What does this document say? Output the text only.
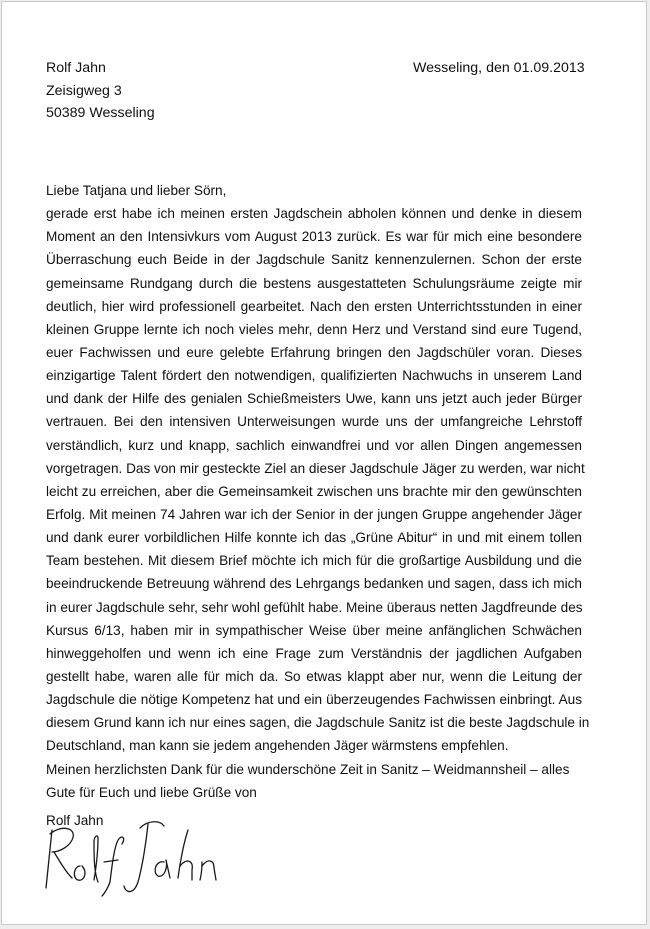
Rolf Jahn
Zeisigweg 3
50389 Wesseling
Wesseling, den 01.09.2013
Liebe Tatjana und lieber Sörn,
gerade erst habe ich meinen ersten Jagdschein abholen können und denke in diesem
Moment an den Intensivkurs vom August 2013 zurück. Es war für mich eine besondere
Überraschung euch Beide in der Jagdschule Sanitz kennenzulernen. Schon der erste
gemeinsame Rundgang durch die bestens ausgestatteten Schulungsräume zeigte mir
deutlich, hier wird professionell gearbeitet. Nach den ersten Unterrichtsstunden in einer
kleinen Gruppe lernte ich noch vieles mehr, denn Herz und Verstand sind eure Tugend,
euer Fachwissen und eure gelebte Erfahrung bringen den Jagdschüler voran. Dieses
einzigartige Talent fördert den notwendigen, qualifizierten Nachwuchs in unserem Land
und dank der Hilfe des genialen Schießmeisters Uwe, kann uns jetzt auch jeder Bürger
vertrauen. Bei den intensiven Unterweisungen wurde uns der umfangreiche Lehrstoff
verständlich, kurz und knapp, sachlich einwandfrei und vor allen Dingen angemessen
vorgetragen. Das von mir gesteckte Ziel an dieser Jagdschule Jäger zu werden, war nicht
leicht zu erreichen, aber die Gemeinsamkeit zwischen uns brachte mir den gewünschten
Erfolg. Mit meinen 74 Jahren war ich der Senior in der jungen Gruppe angehender Jäger
und dank eurer vorbildlichen Hilfe konnte ich das „Grüne Abitur“ in und mit einem tollen
Team bestehen. Mit diesem Brief möchte ich mich für die großartige Ausbildung und die
beeindruckende Betreuung während des Lehrgangs bedanken und sagen, dass ich mich
in eurer Jagdschule sehr, sehr wohl gefühlt habe. Meine überaus netten Jagdfreunde des
Kursus 6/13, haben mir in sympathischer Weise über meine anfänglichen Schwächen
hinweggeholfen und wenn ich eine Frage zum Verständnis der jagdlichen Aufgaben
gestellt habe, waren alle für mich da. So etwas klappt aber nur, wenn die Leitung der
Jagdschule die nötige Kompetenz hat und ein überzeugendes Fachwissen einbringt. Aus
diesem Grund kann ich nur eines sagen, die Jagdschule Sanitz ist die beste Jagdschule in
Deutschland, man kann sie jedem angehenden Jäger wärmstens empfehlen.
Meinen herzlichsten Dank für die wunderschöne Zeit in Sanitz – Weidmannsheil – alles
Gute für Euch und liebe Grüße von
Rolf Jahn
